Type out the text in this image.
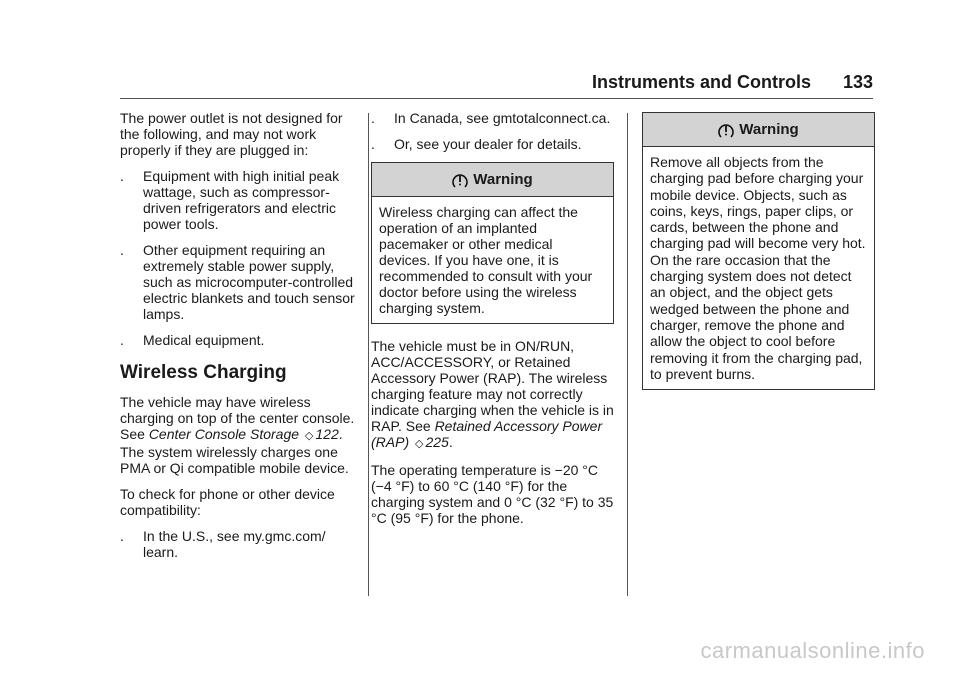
Instruments and Controls 133

The power outlet is not designed for the following, and may not work properly if they are plugged in:

. Equipment with high initial peak wattage, such as compressor-driven refrigerators and electric power tools.
. Other equipment requiring an extremely stable power supply, such as microcomputer-controlled electric blankets and touch sensor lamps.
. Medical equipment.
Wireless Charging

The vehicle may have wireless charging on top of the center console. See Center Console Storage ◇ 122. The system wirelessly charges one PMA or Qi compatible mobile device.

To check for phone or other device compatibility:

. In the U.S., see my.gmc.com/ learn.
. In Canada, see gmtotalconnect.ca.
. Or, see your dealer for details.
Warning
Wireless charging can affect the operation of an implanted pacemaker or other medical devices. If you have one, it is recommended to consult with your doctor before using the wireless charging system.

The vehicle must be in ON/RUN, ACC/ACCESSORY, or Retained Accessory Power (RAP). The wireless charging feature may not correctly indicate charging when the vehicle is in RAP. See Retained Accessory Power (RAP) ◇ 225.

The operating temperature is −20 °C (−4 °F) to 60 °C (140 °F) for the charging system and 0 °C (32 °F) to 35 °C (95 °F) for the phone.

Warning
Remove all objects from the charging pad before charging your mobile device. Objects, such as coins, keys, rings, paper clips, or cards, between the phone and charging pad will become very hot. On the rare occasion that the charging system does not detect an object, and the object gets wedged between the phone and charger, remove the phone and allow the object to cool before removing it from the charging pad, to prevent burns.
carmanualsonline.info
